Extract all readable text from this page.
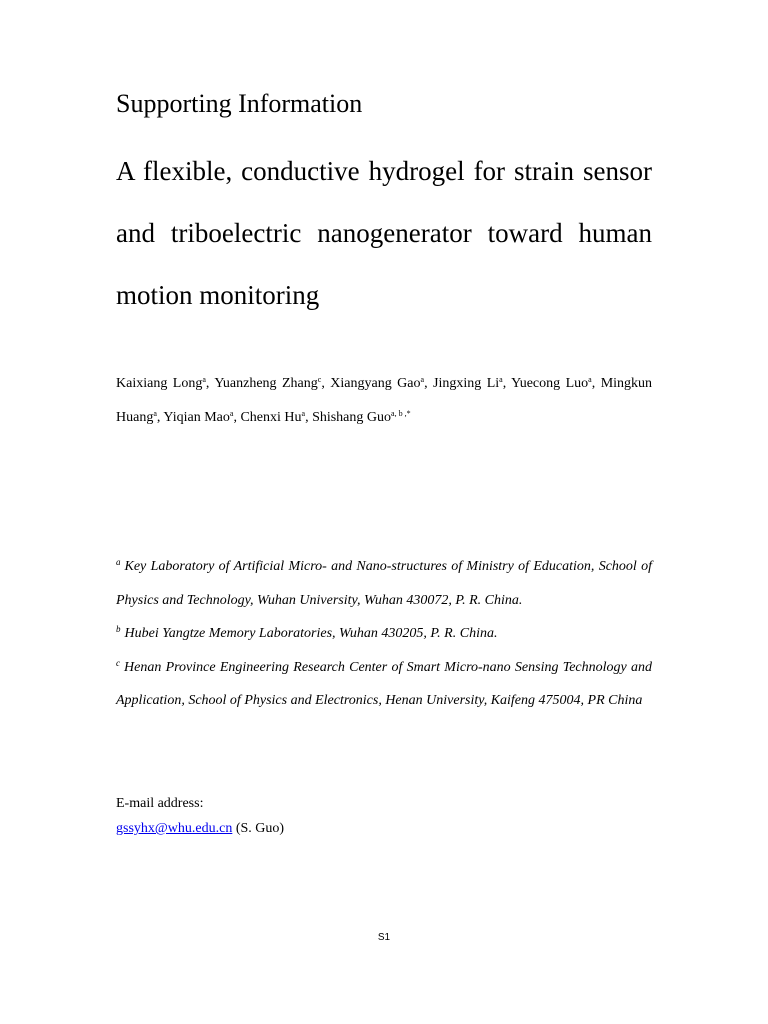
Supporting Information
A flexible, conductive hydrogel for strain sensor and triboelectric nanogenerator toward human motion monitoring
Kaixiang Long$^a$, Yuanzheng Zhang$^c$, Xiangyang Gao$^a$, Jingxing Li$^a$, Yuecong Luo$^a$, Mingkun Huang$^a$, Yiqian Mao$^a$, Chenxi Hu$^a$, Shishang Guo$^{a, b ,*}$

$^a$ Key Laboratory of Artificial Micro- and Nano-structures of Ministry of Education, School of Physics and Technology, Wuhan University, Wuhan 430072, P. R. China.

$^b$ Hubei Yangtze Memory Laboratories, Wuhan 430205, P. R. China.

$^c$ Henan Province Engineering Research Center of Smart Micro-nano Sensing Technology and Application, School of Physics and Electronics, Henan University, Kaifeng 475004, PR China

E-mail address:
gssyhx@whu.edu.cn (S. Guo)
S1
